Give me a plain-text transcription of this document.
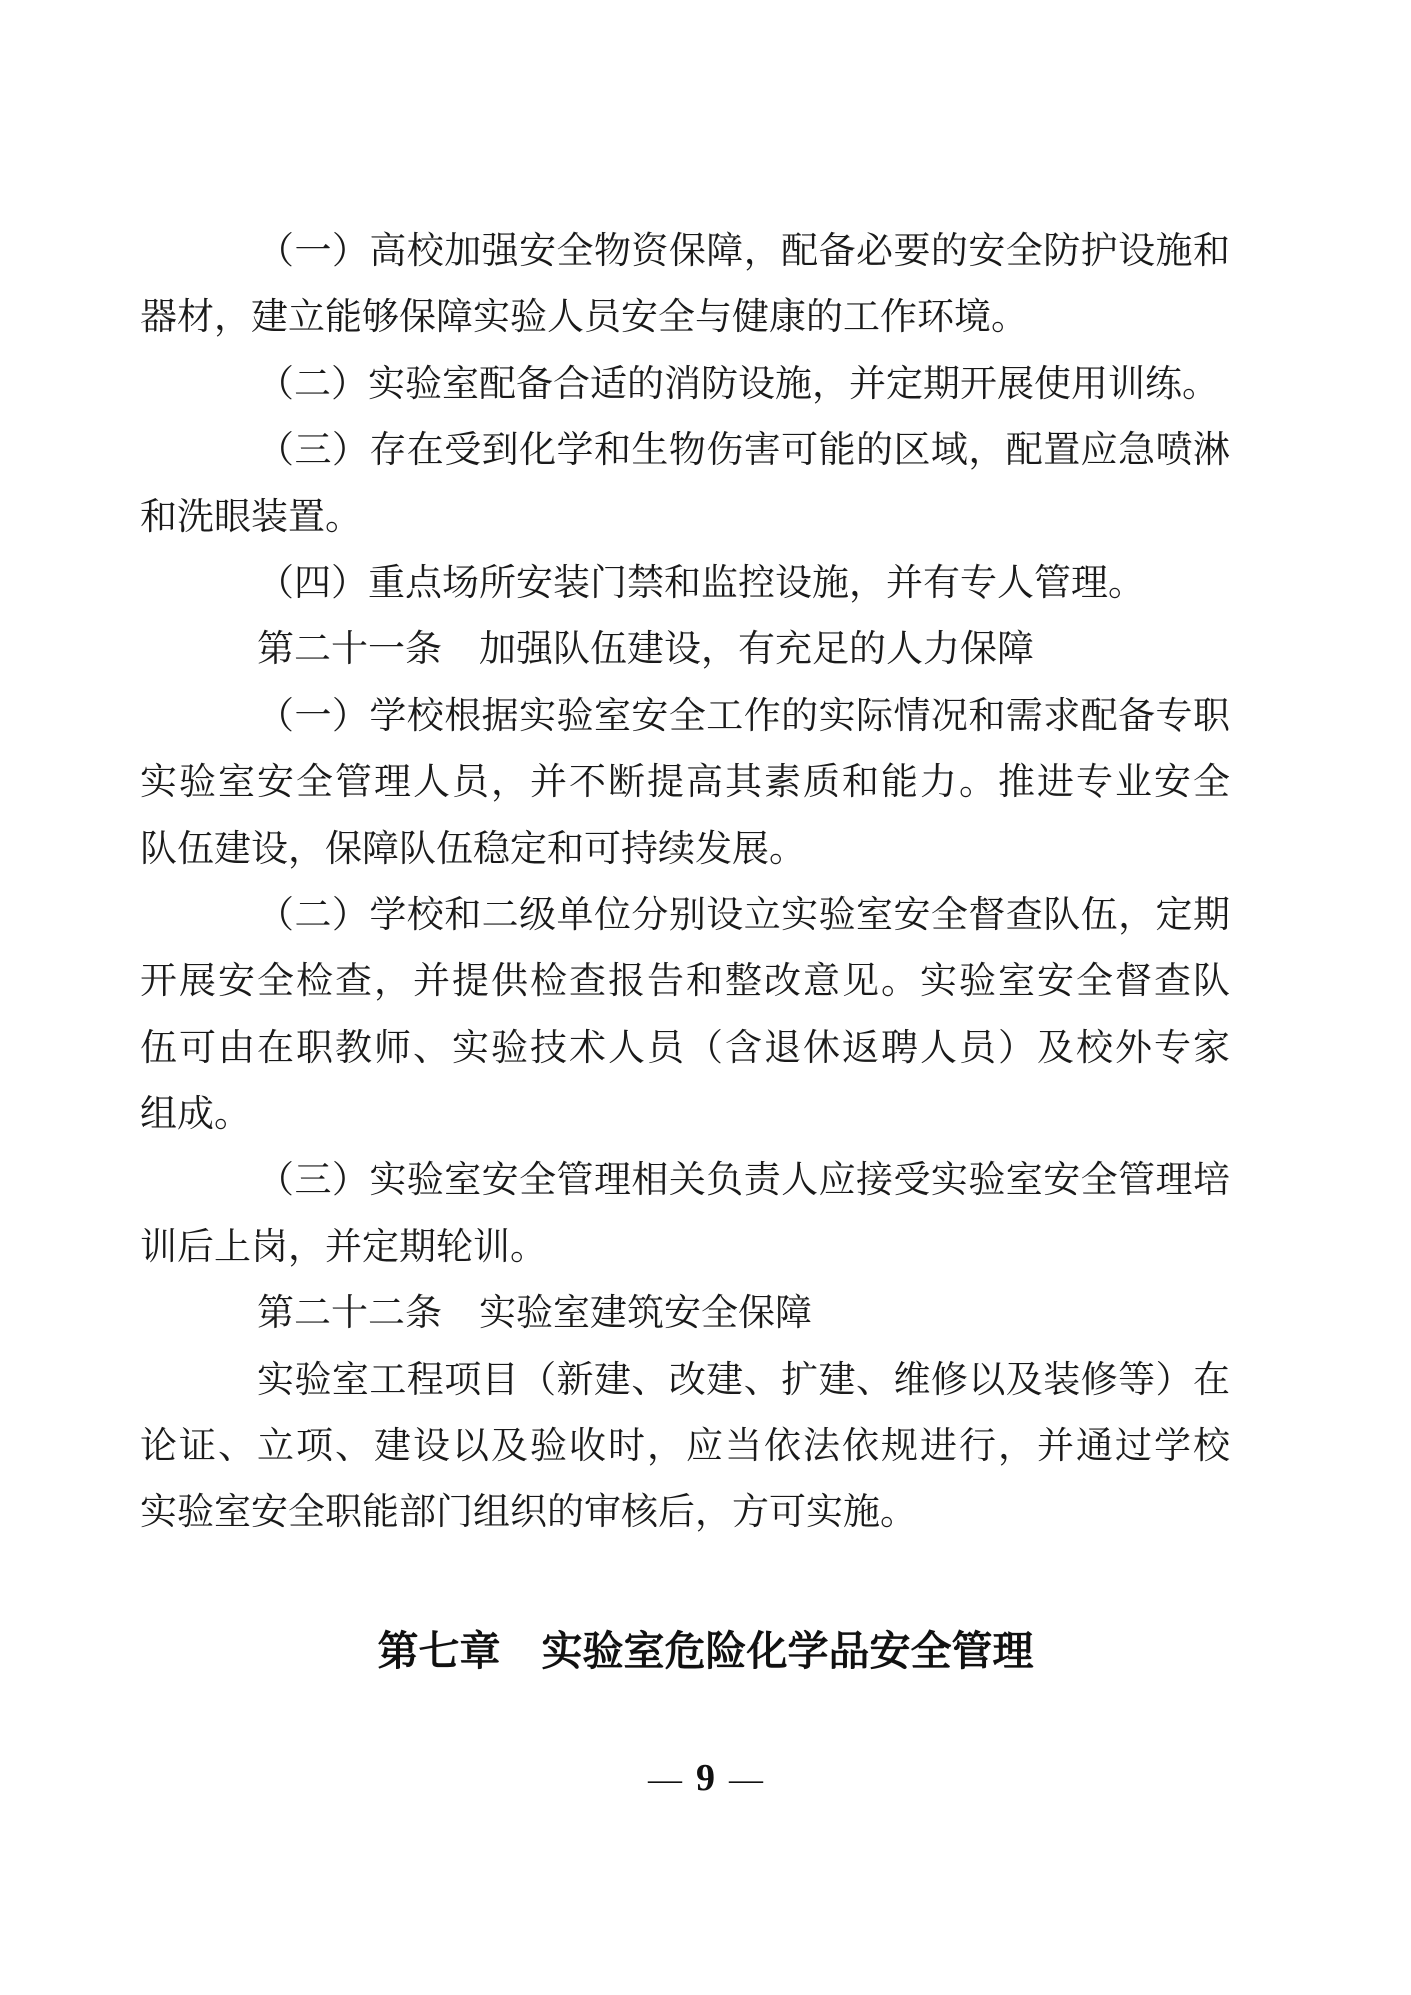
（一）高校加强安全物资保障，配备必要的安全防护设施和
器材，建立能够保障实验人员安全与健康的工作环境。
（二）实验室配备合适的消防设施，并定期开展使用训练。
（三）存在受到化学和生物伤害可能的区域，配置应急喷淋
和洗眼装置。
（四）重点场所安装门禁和监控设施，并有专人管理。
第二十一条　加强队伍建设，有充足的人力保障
（一）学校根据实验室安全工作的实际情况和需求配备专职
实验室安全管理人员，并不断提高其素质和能力。推进专业安全
队伍建设，保障队伍稳定和可持续发展。
（二）学校和二级单位分别设立实验室安全督查队伍，定期
开展安全检查，并提供检查报告和整改意见。实验室安全督查队
伍可由在职教师、实验技术人员（含退休返聘人员）及校外专家
组成。
（三）实验室安全管理相关负责人应接受实验室安全管理培
训后上岗，并定期轮训。
第二十二条　实验室建筑安全保障
实验室工程项目（新建、改建、扩建、维修以及装修等）在
论证、立项、建设以及验收时，应当依法依规进行，并通过学校
实验室安全职能部门组织的审核后，方可实施。
第七章　实验室危险化学品安全管理
— 9 —
